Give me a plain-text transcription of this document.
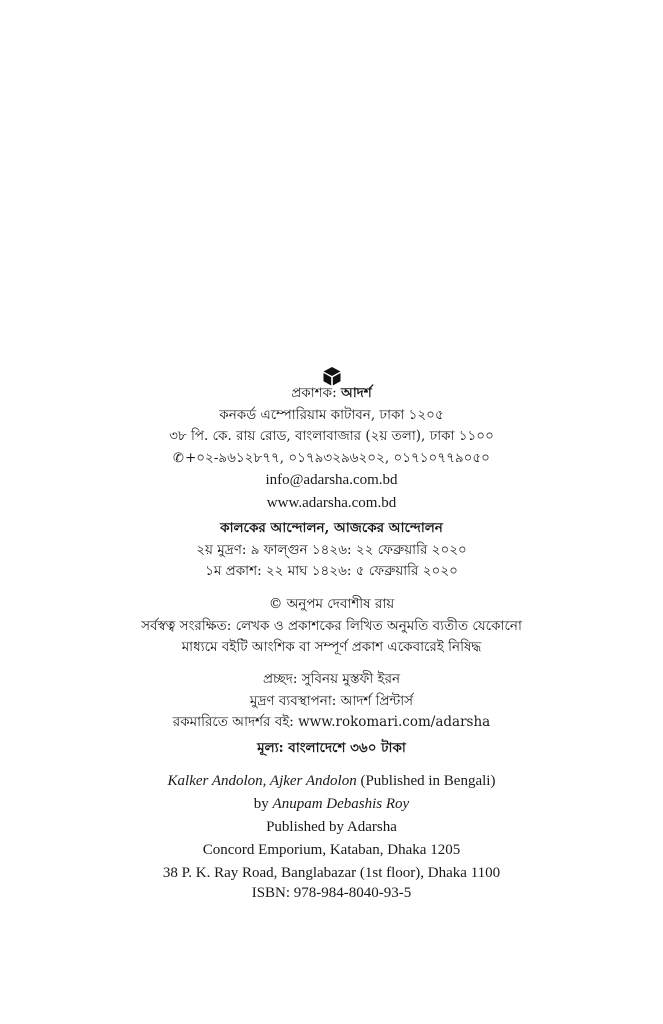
প্রকাশক: আদর্শ
কনকর্ড এম্পোরিয়াম কাটাবন, ঢাকা ১২০৫
৩৮ পি. কে. রায় রোড, বাংলাবাজার (২য় তলা), ঢাকা ১১০০
✆+০২-৯৬১২৮৭৭, ০১৭৯৩২৯৬২০২, ০১৭১০৭৭৯০৫০
info@adarsha.com.bd
www.adarsha.com.bd
কালকের আন্দোলন, আজকের আন্দোলন
২য় মুদ্রণ: ৯ ফাল্গুন ১৪২৬: ২২ ফেব্রুয়ারি ২০২০
১ম প্রকাশ: ২২ মাঘ ১৪২৬: ৫ ফেব্রুয়ারি ২০২০
© অনুপম দেবাশীষ রায়
সর্বস্বত্ব সংরক্ষিত: লেখক ও প্রকাশকের লিখিত অনুমতি ব্যতীত যেকোনো
মাধ্যমে বইটি আংশিক বা সম্পূর্ণ প্রকাশ একেবারেই নিষিদ্ধ
প্রচ্ছদ: সুবিনয় মুস্তফী ইরন
মুদ্রণ ব্যবস্থাপনা: আদর্শ প্রিন্টার্স
রকমারিতে আদর্শর বই: www.rokomari.com/adarsha
মূল্য: বাংলাদেশে ৩৬০ টাকা
Kalker Andolon, Ajker Andolon (Published in Bengali)
by Anupam Debashis Roy
Published by Adarsha
Concord Emporium, Kataban, Dhaka 1205
38 P. K. Ray Road, Banglabazar (1st floor), Dhaka 1100
ISBN: 978-984-8040-93-5
